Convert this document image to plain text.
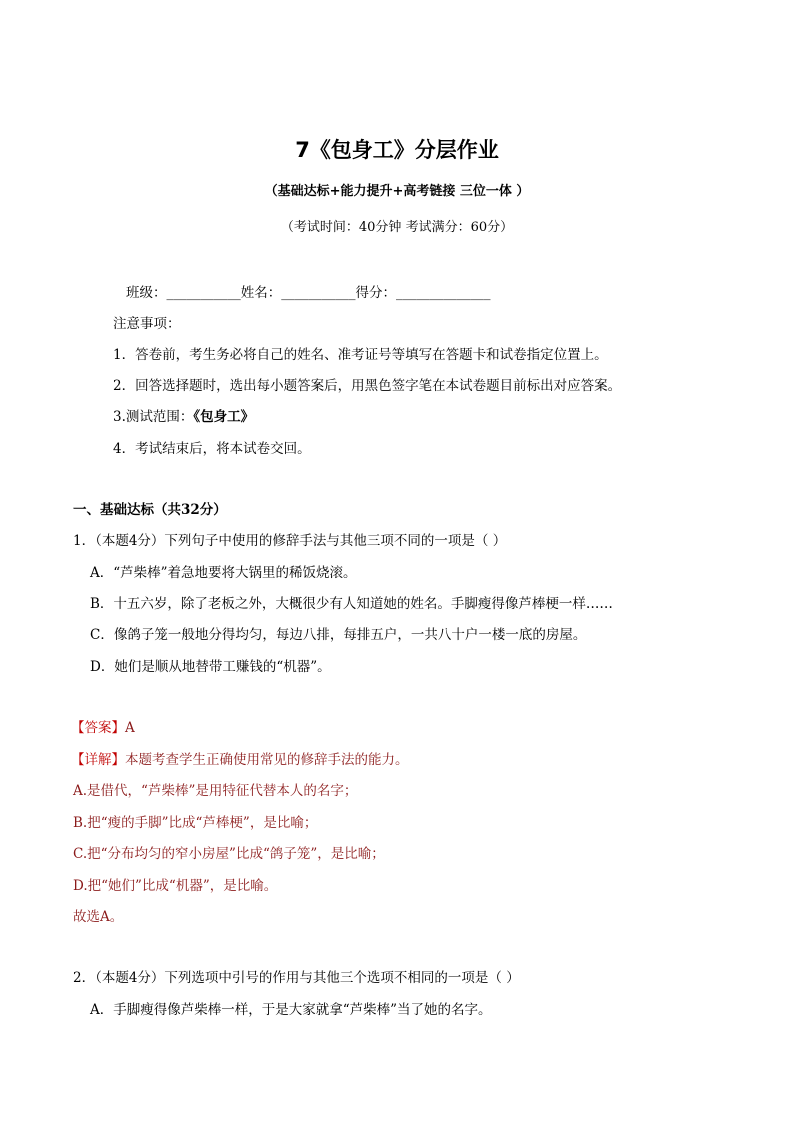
7《包身工》分层作业
（基础达标+能力提升+高考链接 三位一体 ）
（考试时间：40分钟 考试满分：60分）
班级：___________姓名：___________得分：______________
注意事项：
1．答卷前，考生务必将自己的姓名、准考证号等填写在答题卡和试卷指定位置上。
2．回答选择题时，选出每小题答案后，用黑色签字笔在本试卷题目前标出对应答案。
3.测试范围：《包身工》
4．考试结束后，将本试卷交回。
一、基础达标（共32分）
1．（本题4分）下列句子中使用的修辞手法与其他三项不同的一项是（ ）
A．“芦柴棒”着急地要将大锅里的稀饭烧滚。
B．十五六岁，除了老板之外，大概很少有人知道她的姓名。手脚瘦得像芦棒梗一样……
C．像鸽子笼一般地分得均匀，每边八排，每排五户，一共八十户一楼一底的房屋。
D．她们是顺从地替带工赚钱的“机器”。
【答案】A
【详解】本题考查学生正确使用常见的修辞手法的能力。
A.是借代，“芦柴棒”是用特征代替本人的名字；
B.把“瘦的手脚”比成“芦棒梗”，是比喻；
C.把“分布均匀的窄小房屋”比成“鸽子笼”，是比喻；
D.把“她们”比成“机器”，是比喻。
故选A。
2．（本题4分）下列选项中引号的作用与其他三个选项不相同的一项是（ ）
A．手脚瘦得像芦柴棒一样，于是大家就拿“芦柴棒”当了她的名字。
